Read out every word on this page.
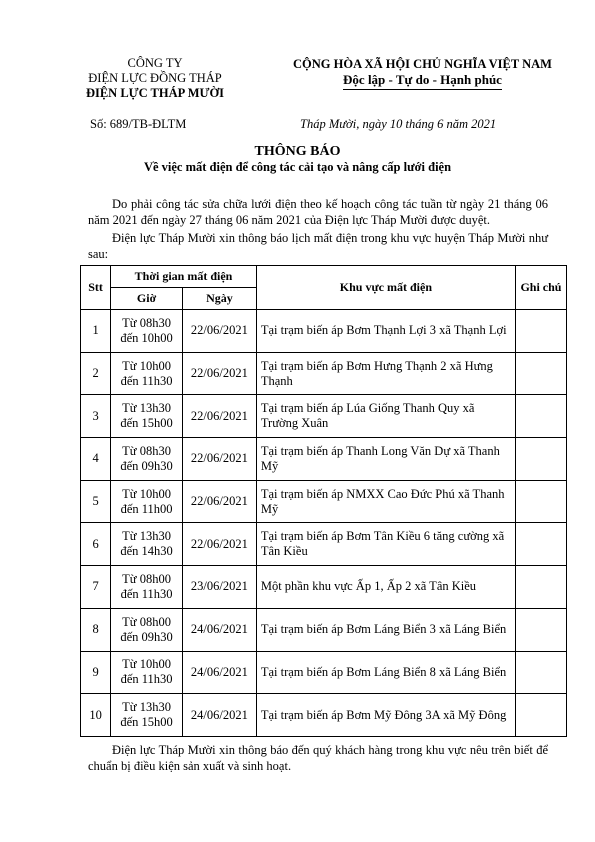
CÔNG TY
ĐIỆN LỰC ĐỒNG THÁP
ĐIỆN LỰC THÁP MƯỜI
CỘNG HÒA XÃ HỘI CHỦ NGHĨA VIỆT NAM
Độc lập - Tự do - Hạnh phúc
Số: 689/TB-ĐLTM	Tháp Mười, ngày 10 tháng 6 năm 2021
THÔNG BÁO
Về việc mất điện để công tác cải tạo và nâng cấp lưới điện
Do phải công tác sửa chữa lưới điện theo kế hoạch công tác tuần từ ngày 21 tháng 06 năm 2021 đến ngày 27 tháng 06 năm 2021 của Điện lực Tháp Mười được duyệt.
Điện lực Tháp Mười xin thông báo lịch mất điện trong khu vực huyện Tháp Mười như sau:
Stt	Thời gian mất điện		Khu vực mất điện	Ghi chú
	Giờ	Ngày		
1	Từ 08h30
đến 10h00	22/06/2021	Tại trạm biến áp Bơm Thạnh Lợi 3 xã Thạnh Lợi	
2	Từ 10h00
đến 11h30	22/06/2021	Tại trạm biến áp Bơm Hưng Thạnh 2 xã Hưng Thạnh	
3	Từ 13h30
đến 15h00	22/06/2021	Tại trạm biến áp Lúa Giống Thanh Quy xã Trường Xuân	
4	Từ 08h30
đến 09h30	22/06/2021	Tại trạm biến áp Thanh Long Văn Dự xã Thanh Mỹ	
5	Từ 10h00
đến 11h00	22/06/2021	Tại trạm biến áp NMXX Cao Đức Phú xã Thanh Mỹ	
6	Từ 13h30
đến 14h30	22/06/2021	Tại trạm biến áp Bơm Tân Kiều 6 tăng cường xã Tân Kiều	
7	Từ 08h00
đến 11h30	23/06/2021	Một phần khu vực Ấp 1, Ấp 2 xã Tân Kiều	
8	Từ 08h00
đến 09h30	24/06/2021	Tại trạm biến áp Bơm Láng Biển 3 xã Láng Biển	
9	Từ 10h00
đến 11h30	24/06/2021	Tại trạm biến áp Bơm Láng Biển 8 xã Láng Biển	
10	Từ 13h30
đến 15h00	24/06/2021	Tại trạm biến áp Bơm Mỹ Đông 3A xã Mỹ Đông	
Điện lực Tháp Mười xin thông báo đến quý khách hàng trong khu vực nêu trên biết để chuẩn bị điều kiện sản xuất và sinh hoạt.
